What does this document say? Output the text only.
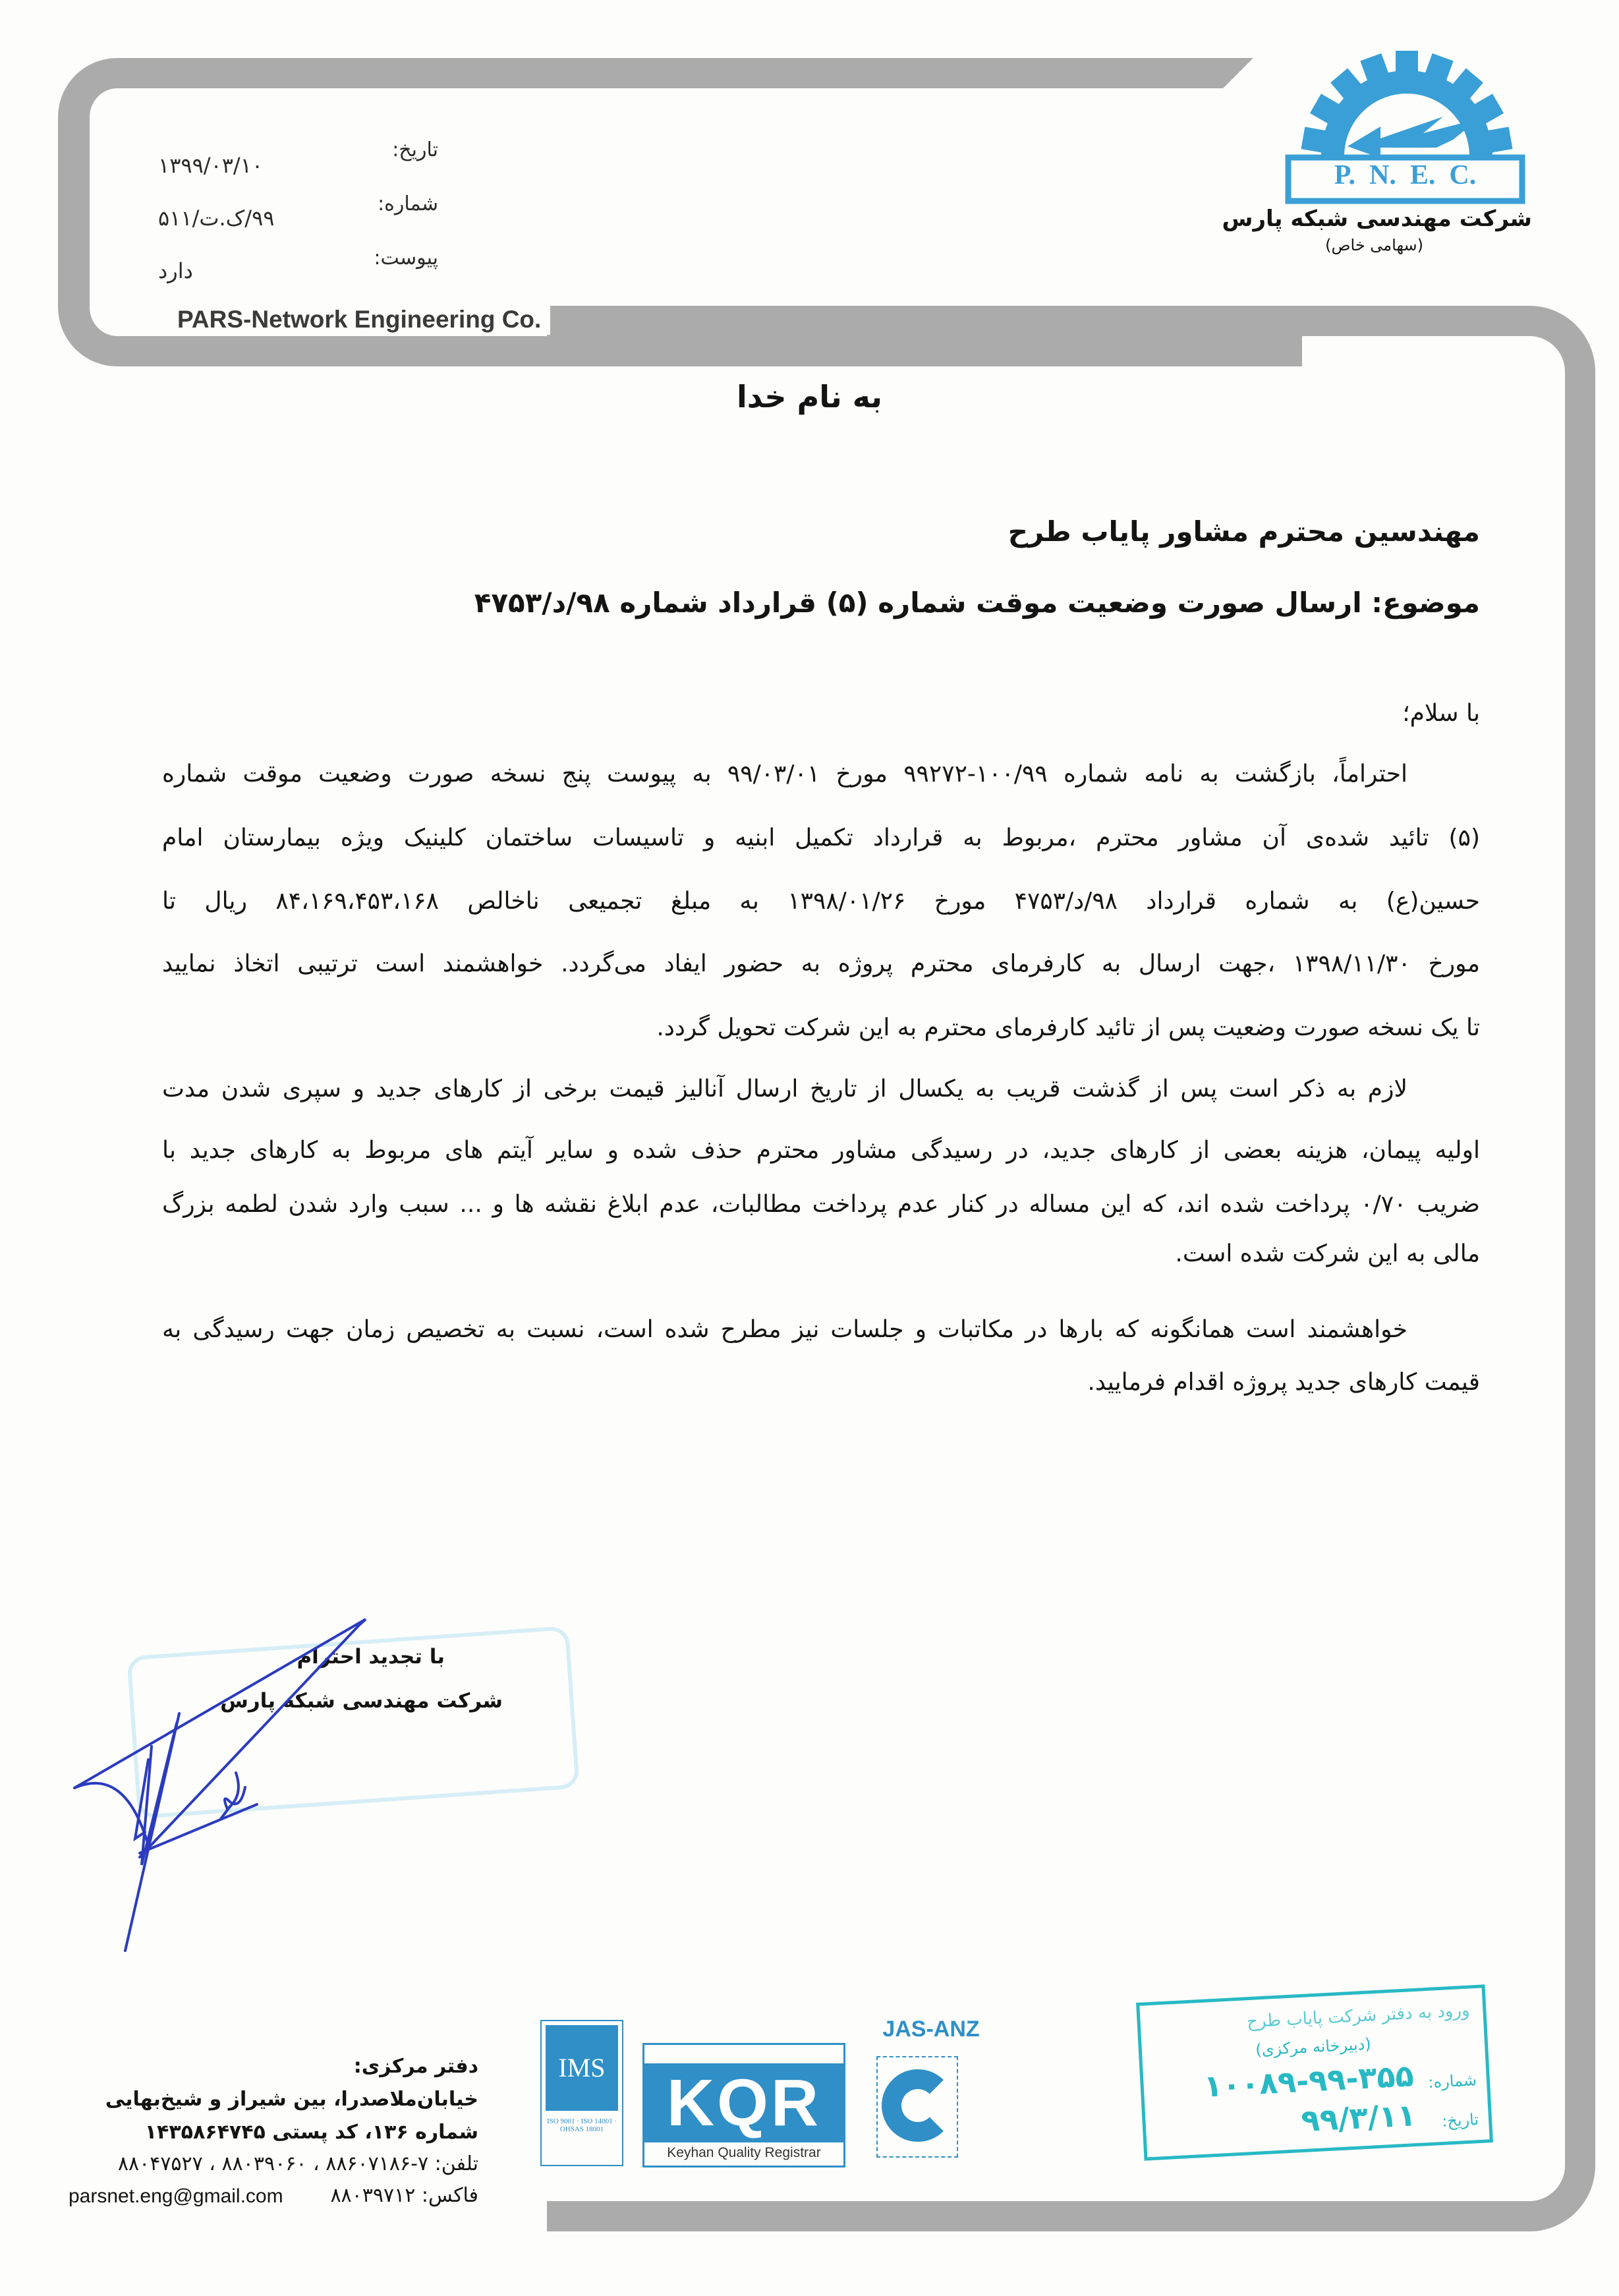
PARS-Network Engineering Co.
P.  N.  E.  C.
شرکت مهندسی شبکه پارس
(سهامی خاص)
تاریخ:
۱۳۹۹/۰۳/۱۰
شماره:
۹۹/ک.ت/۵۱۱
پیوست:
دارد
به نام خدا
مهندسین محترم مشاور پایاب طرح
موضوع: ارسال صورت وضعیت موقت شماره (۵) قرارداد شماره ۹۸/د/۴۷۵۳
با سلام؛
احتراماً، بازگشت به نامه شماره ۱۰۰/۹۹-۹۹۲۷۲ مورخ ۹۹/۰۳/۰۱ به پیوست پنج نسخه صورت وضعیت موقت شماره
(۵) تائید شده‌ی آن مشاور محترم ،مربوط به قرارداد تکمیل ابنیه و تاسیسات ساختمان کلینیک ویژه بیمارستان امام
حسین(ع) به شماره قرارداد ۹۸/د/۴۷۵۳ مورخ ۱۳۹۸/۰۱/۲۶ به مبلغ تجمیعی ناخالص ۸۴،۱۶۹،۴۵۳،۱۶۸ ریال تا
مورخ ۱۳۹۸/۱۱/۳۰ ،جهت ارسال به کارفرمای محترم پروژه به حضور ایفاد می‌گردد. خواهشمند است ترتیبی اتخاذ نمایید
تا یک نسخه صورت وضعیت پس از تائید کارفرمای محترم به این شرکت تحویل گردد.
لازم به ذکر است پس از گذشت قریب به یکسال از تاریخ ارسال آنالیز قیمت برخی از کارهای جدید و سپری شدن مدت
اولیه پیمان، هزینه بعضی از کارهای جدید، در رسیدگی مشاور محترم حذف شده و سایر آیتم های مربوط به کارهای جدید با
ضریب ۰/۷۰ پرداخت شده اند، که این مساله در کنار عدم پرداخت مطالبات، عدم ابلاغ نقشه ها و ... سبب وارد شدن لطمه بزرگ
مالی به این شرکت شده است.
خواهشمند است همانگونه که بارها در مکاتبات و جلسات نیز مطرح شده است، نسبت به تخصیص زمان جهت رسیدگی به
قیمت کارهای جدید پروژه اقدام فرمایید.
با تجدید احترام
شرکت مهندسی شبکه پارس
دفتر مرکزی:
خیابان‌ملاصدرا، بین شیراز و شیخ‌بهایی
شماره ۱۳۶، کد پستی ۱۴۳۵۸۶۴۷۴۵
تلفن: ۷-۸۸۶۰۷۱۸۶ ، ۸۸۰۳۹۰۶۰ ، ۸۸۰۴۷۵۲۷
فاکس: ۸۸۰۳۹۷۱۲
parsnet.eng@gmail.com
IMS
ISO 9001 · ISO 14001 · OHSAS 18001 KQR
Keyhan Quality Registrar
JAS-ANZ	ورود به دفتر شرکت پایاب طرح
(دبیرخانه مرکزی)
شماره:
۱۰۰۸۹-۹۹-۳۵۵
تاریخ:
۹۹/۳/۱۱
